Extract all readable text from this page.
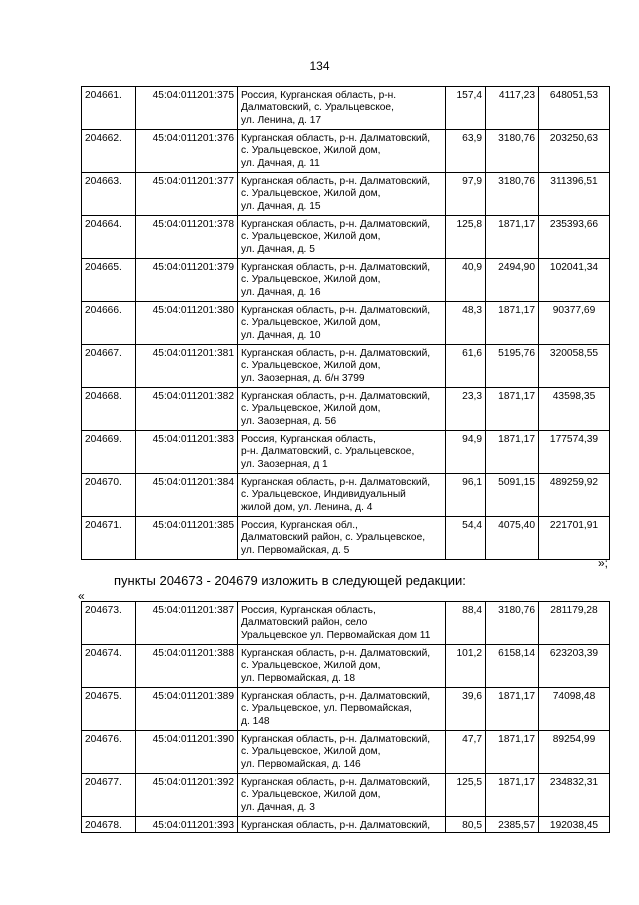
134
204661.	45:04:011201:375	Россия, Курганская область, р-н.
Далматовский, с. Уральцевское,
ул. Ленина, д. 17	157,4	4117,23	648051,53
204662.	45:04:011201:376	Курганская область, р-н. Далматовский,
с. Уральцевское, Жилой дом,
ул. Дачная, д. 11	63,9	3180,76	203250,63
204663.	45:04:011201:377	Курганская область, р-н. Далматовский,
с. Уральцевское, Жилой дом,
ул. Дачная, д. 15	97,9	3180,76	311396,51
204664.	45:04:011201:378	Курганская область, р-н. Далматовский,
с. Уральцевское, Жилой дом,
ул. Дачная, д. 5	125,8	1871,17	235393,66
204665.	45:04:011201:379	Курганская область, р-н. Далматовский,
с. Уральцевское, Жилой дом,
ул. Дачная, д. 16	40,9	2494,90	102041,34
204666.	45:04:011201:380	Курганская область, р-н. Далматовский,
с. Уральцевское, Жилой дом,
ул. Дачная, д. 10	48,3	1871,17	90377,69
204667.	45:04:011201:381	Курганская область, р-н. Далматовский,
с. Уральцевское, Жилой дом,
ул. Заозерная, д. б/н 3799	61,6	5195,76	320058,55
204668.	45:04:011201:382	Курганская область, р-н. Далматовский,
с. Уральцевское, Жилой дом,
ул. Заозерная, д. 56	23,3	1871,17	43598,35
204669.	45:04:011201:383	Россия, Курганская область,
р-н. Далматовский, с. Уральцевское,
ул. Заозерная, д 1	94,9	1871,17	177574,39
204670.	45:04:011201:384	Курганская область, р-н. Далматовский,
с. Уральцевское, Индивидуальный
жилой дом, ул. Ленина, д. 4	96,1	5091,15	489259,92
204671.	45:04:011201:385	Россия, Курганская обл.,
Далматовский район, с. Уральцевское,
ул. Первомайская, д. 5	54,4	4075,40	221701,91
»;
пункты 204673 - 204679 изложить в следующей редакции:
«
204673.	45:04:011201:387	Россия, Курганская область,
Далматовский район, село
Уральцевское ул. Первомайская дом 11	88,4	3180,76	281179,28
204674.	45:04:011201:388	Курганская область, р-н. Далматовский,
с. Уральцевское, Жилой дом,
ул. Первомайская, д. 18	101,2	6158,14	623203,39
204675.	45:04:011201:389	Курганская область, р-н. Далматовский,
с. Уральцевское, ул. Первомайская,
д. 148	39,6	1871,17	74098,48
204676.	45:04:011201:390	Курганская область, р-н. Далматовский,
с. Уральцевское, Жилой дом,
ул. Первомайская, д. 146	47,7	1871,17	89254,99
204677.	45:04:011201:392	Курганская область, р-н. Далматовский,
с. Уральцевское, Жилой дом,
ул. Дачная, д. 3	125,5	1871,17	234832,31
204678.	45:04:011201:393	Курганская область, р-н. Далматовский,	80,5	2385,57	192038,45
